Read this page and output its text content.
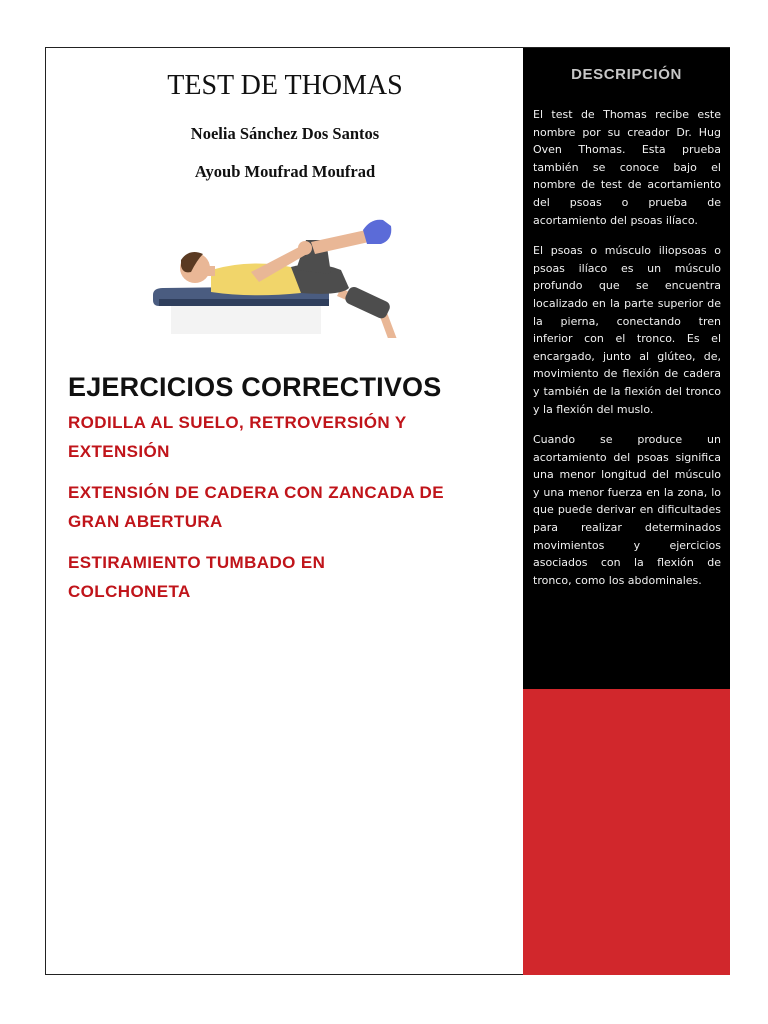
TEST DE THOMAS
Noelia Sánchez Dos Santos
Ayoub Moufrad Moufrad
EJERCICIOS CORRECTIVOS

RODILLA AL SUELO, RETROVERSIÓN Y
EXTENSIÓN

EXTENSIÓN DE CADERA CON ZANCADA DE
GRAN ABERTURA

ESTIRAMIENTO TUMBADO EN
COLCHONETA

DESCRIPCIÓN

El test de Thomas recibe este nombre por su creador Dr. Hug Oven Thomas. Esta prueba también se conoce bajo el nombre de test de acortamiento del psoas o prueba de acortamiento del psoas ilíaco.

El psoas o músculo iliopsoas o psoas ilíaco es un músculo profundo que se encuentra localizado en la parte superior de la pierna, conectando tren inferior con el tronco. Es el encargado, junto al glúteo, de, movimiento de flexión de cadera y también de la flexión del tronco y la flexión del muslo.

Cuando se produce un acortamiento del psoas significa una menor longitud del músculo y una menor fuerza en la zona, lo que puede derivar en dificultades para realizar determinados movimientos y ejercicios asociados con la flexión de tronco, como los abdominales.
